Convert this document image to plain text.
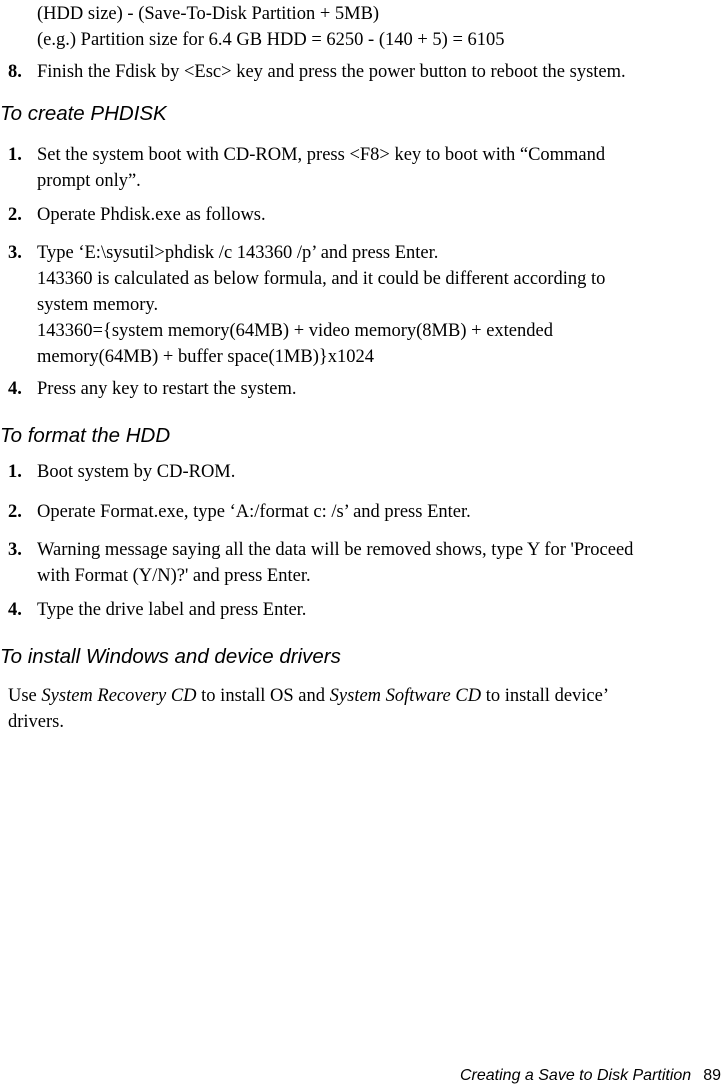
(HDD size) - (Save-To-Disk Partition + 5MB)
(e.g.) Partition size for 6.4 GB HDD = 6250 - (140 + 5) = 6105
8. Finish the Fdisk by <Esc> key and press the power button to reboot the system.
To create PHDISK
1. Set the system boot with CD-ROM, press <F8> key to boot with “Command
prompt only”.
2. Operate Phdisk.exe as follows.
3. Type ‘E:\sysutil>phdisk /c 143360 /p’ and press Enter.
143360 is calculated as below formula, and it could be different according to
system memory.
143360={system memory(64MB) + video memory(8MB) + extended
memory(64MB) + buffer space(1MB)}x1024
4. Press any key to restart the system.
To format the HDD
1. Boot system by CD-ROM.
2. Operate Format.exe, type ‘A:/format c: /s’ and press Enter.
3. Warning message saying all the data will be removed shows, type Y for 'Proceed
with Format (Y/N)?' and press Enter.
4. Type the drive label and press Enter.
To install Windows and device drivers
Use System Recovery CD to install OS and System Software CD to install device’
drivers.
Creating a Save to Disk Partition 89
